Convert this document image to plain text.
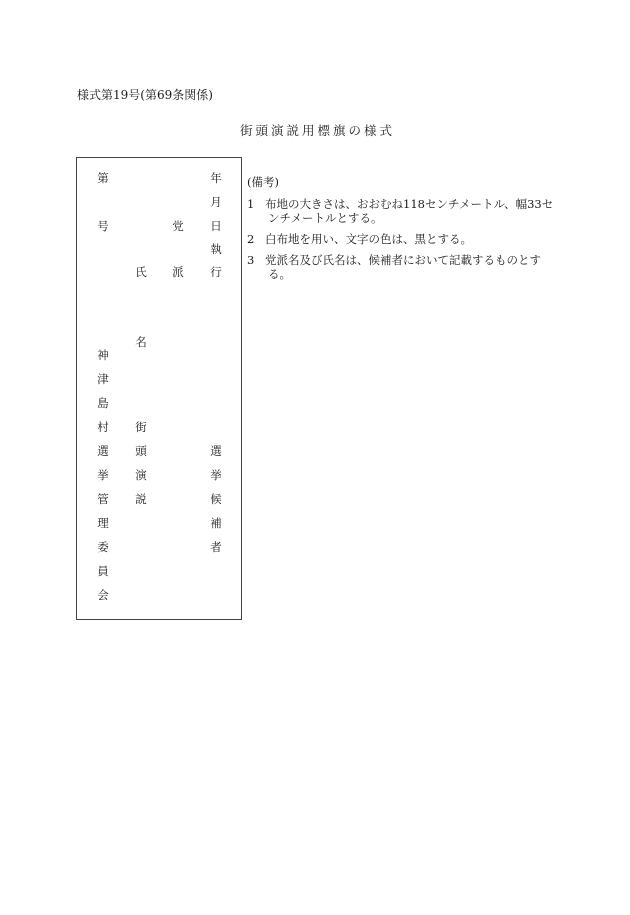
様式第19号(第69条関係)
街頭演説用標旗の様式
第
号
神
津
島
村
選
挙
管
理
委
員
会
氏
名
街
頭
演
説
党
派
年
月
日
執
行
選
挙
候
補
者
(備考)
1 布地の大きさは、おおむね118センチメートル、幅33センチメートルとする。
2 白布地を用い、文字の色は、黒とする。
3 党派名及び氏名は、候補者において記載するものとする。
